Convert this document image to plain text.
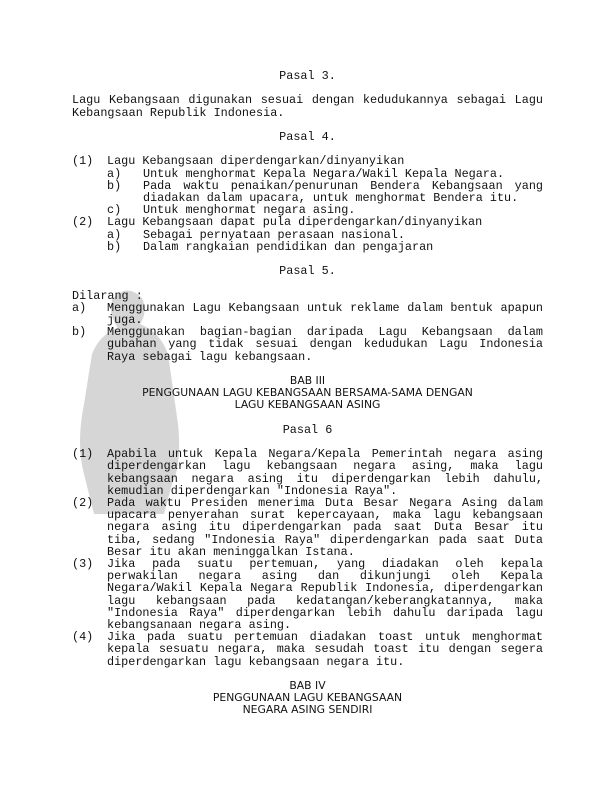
Pasal 3.
Lagu Kebangsaan digunakan sesuai dengan kedudukannya sebagai Lagu
Kebangsaan Republik Indonesia.
Pasal 4.
(1)	Lagu Kebangsaan diperdengarkan/dinyanyikan
a)	Untuk menghormat Kepala Negara/Wakil Kepala Negara.
b)	Pada waktu penaikan/penurunan Bendera Kebangsaan yang
diadakan dalam upacara, untuk menghormat Bendera itu.
c)	Untuk menghormat negara asing.
(2)	Lagu Kebangsaan dapat pula diperdengarkan/dinyanyikan
a)	Sebagai pernyataan perasaan nasional.
b)	Dalam rangkaian pendidikan dan pengajaran
Pasal 5.
Dilarang :
a)	Menggunakan Lagu Kebangsaan untuk reklame dalam bentuk apapun
juga.
b)	Menggunakan bagian-bagian daripada Lagu Kebangsaan dalam
gubahan yang tidak sesuai dengan kedudukan Lagu Indonesia
Raya sebagai lagu kebangsaan.
BAB III
PENGGUNAAN LAGU KEBANGSAAN BERSAMA-SAMA DENGAN
LAGU KEBANGSAAN ASING
Pasal 6
(1)	Apabila untuk Kepala Negara/Kepala Pemerintah negara asing
diperdengarkan lagu kebangsaan negara asing, maka lagu
kebangsaan negara asing itu diperdengarkan lebih dahulu,
kemudian diperdengarkan "Indonesia Raya".
(2)	Pada waktu Presiden menerima Duta Besar Negara Asing dalam
upacara penyerahan surat kepercayaan, maka lagu kebangsaan
negara asing itu diperdengarkan pada saat Duta Besar itu
tiba, sedang "Indonesia Raya" diperdengarkan pada saat Duta
Besar itu akan meninggalkan Istana.
(3)	Jika pada suatu pertemuan, yang diadakan oleh kepala
perwakilan negara asing dan dikunjungi oleh Kepala
Negara/Wakil Kepala Negara Republik Indonesia, diperdengarkan
lagu kebangsaan pada kedatangan/keberangkatannya, maka
"Indonesia Raya" diperdengarkan lebih dahulu daripada lagu
kebangsanaan negara asing.
(4)	Jika pada suatu pertemuan diadakan toast untuk menghormat
kepala sesuatu negara, maka sesudah toast itu dengan segera
diperdengarkan lagu kebangsaan negara itu.
BAB IV
PENGGUNAAN LAGU KEBANGSAAN
NEGARA ASING SENDIRI
